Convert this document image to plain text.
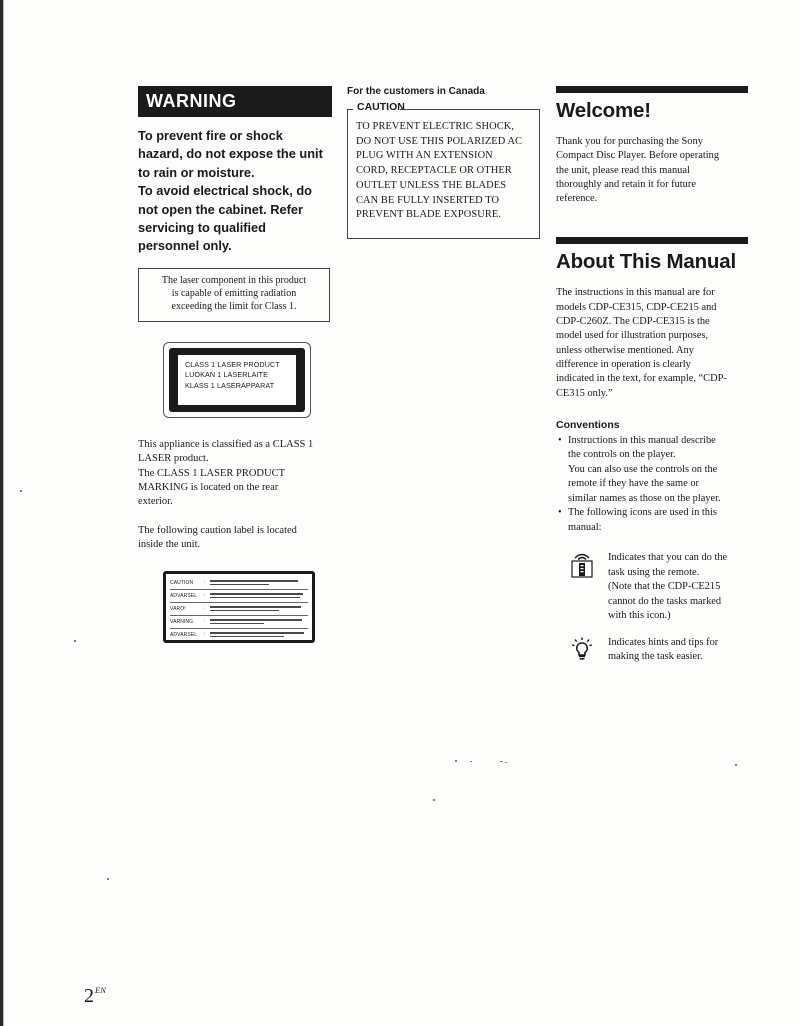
WARNING
To prevent fire or shock
hazard, do not expose the unit
to rain or moisture.
To avoid electrical shock, do
not open the cabinet. Refer
servicing to qualified
personnel only.
The laser component in this product
is capable of emitting radiation
exceeding the limit for Class 1.
CLASS 1 LASER PRODUCT
LUOKAN 1 LASERLAITE
KLASS 1 LASERAPPARAT
This appliance is classified as a CLASS 1
LASER product.
The CLASS 1 LASER PRODUCT
MARKING is located on the rear
exterior.
The following caution label is located
inside the unit.
CAUTION	:
ADVARSEL	:
VARO!	:
VARNING	:
ADVARSEL	:

For the customers in Canada

CAUTION
TO PREVENT ELECTRIC SHOCK,
DO NOT USE THIS POLARIZED AC
PLUG WITH AN EXTENSION
CORD, RECEPTACLE OR OTHER
OUTLET UNLESS THE BLADES
CAN BE FULLY INSERTED TO
PREVENT BLADE EXPOSURE.
Welcome!
Thank you for purchasing the Sony
Compact Disc Player. Before operating
the unit, please read this manual
thoroughly and retain it for future
reference.
About This Manual
The instructions in this manual are for
models CDP-CE315, CDP-CE215 and
CDP-C260Z. The CDP-CE315 is the
model used for illustration purposes,
unless otherwise mentioned. Any
difference in operation is clearly
indicated in the text, for example, “CDP-
CE315 only.”
Conventions
• Instructions in this manual describe
the controls on the player.
You can also use the controls on the
remote if they have the same or
similar names as those on the player.
• The following icons are used in this
manual:
Indicates that you can do the
task using the remote.
(Note that the CDP-CE215
cannot do the tasks marked
with this icon.)
Indicates hints and tips for
making the task easier.
$2^{EN}$
